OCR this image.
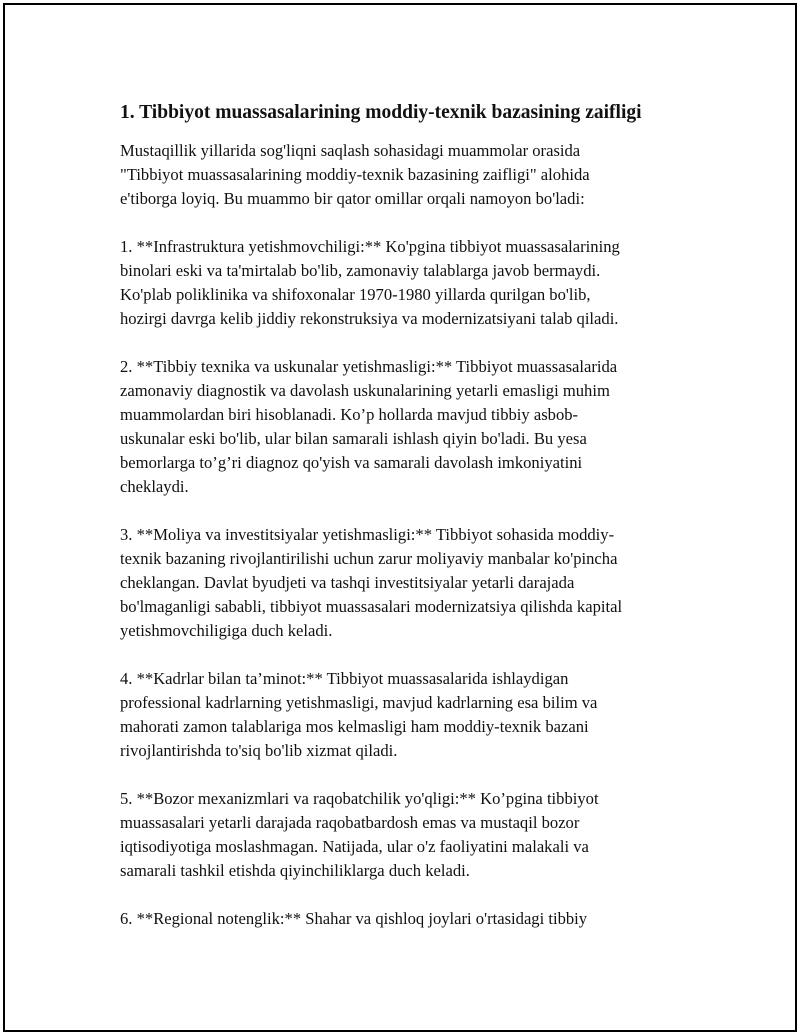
1. Tibbiyot muassasalarining moddiy-texnik bazasining zaifligi

Mustaqillik yillarida sog'liqni saqlash sohasidagi muammolar orasida
"Tibbiyot muassasalarining moddiy-texnik bazasining zaifligi" alohida
e'tiborga loyiq. Bu muammo bir qator omillar orqali namoyon bo'ladi:

1. **Infrastruktura yetishmovchiligi:** Ko'pgina tibbiyot muassasalarining
binolari eski va ta'mirtalab bo'lib, zamonaviy talablarga javob bermaydi.
Ko'plab poliklinika va shifoxonalar 1970-1980 yillarda qurilgan bo'lib,
hozirgi davrga kelib jiddiy rekonstruksiya va modernizatsiyani talab qiladi.

2. **Tibbiy texnika va uskunalar yetishmasligi:** Tibbiyot muassasalarida
zamonaviy diagnostik va davolash uskunalarining yetarli emasligi muhim
muammolardan biri hisoblanadi. Ko’p hollarda mavjud tibbiy asbob-
uskunalar eski bo'lib, ular bilan samarali ishlash qiyin bo'ladi. Bu yesa
bemorlarga to’g’ri diagnoz qo'yish va samarali davolash imkoniyatini
cheklaydi.

3. **Moliya va investitsiyalar yetishmasligi:** Tibbiyot sohasida moddiy-
texnik bazaning rivojlantirilishi uchun zarur moliyaviy manbalar ko'pincha
cheklangan. Davlat byudjeti va tashqi investitsiyalar yetarli darajada
bo'lmaganligi sababli, tibbiyot muassasalari modernizatsiya qilishda kapital
yetishmovchiligiga duch keladi.

4. **Kadrlar bilan ta’minot:** Tibbiyot muassasalarida ishlaydigan
professional kadrlarning yetishmasligi, mavjud kadrlarning esa bilim va
mahorati zamon talablariga mos kelmasligi ham moddiy-texnik bazani
rivojlantirishda to'siq bo'lib xizmat qiladi.

5. **Bozor mexanizmlari va raqobatchilik yo'qligi:** Ko’pgina tibbiyot
muassasalari yetarli darajada raqobatbardosh emas va mustaqil bozor
iqtisodiyotiga moslashmagan. Natijada, ular o'z faoliyatini malakali va
samarali tashkil etishda qiyinchiliklarga duch keladi.

6. **Regional notenglik:** Shahar va qishloq joylari o'rtasidagi tibbiy
